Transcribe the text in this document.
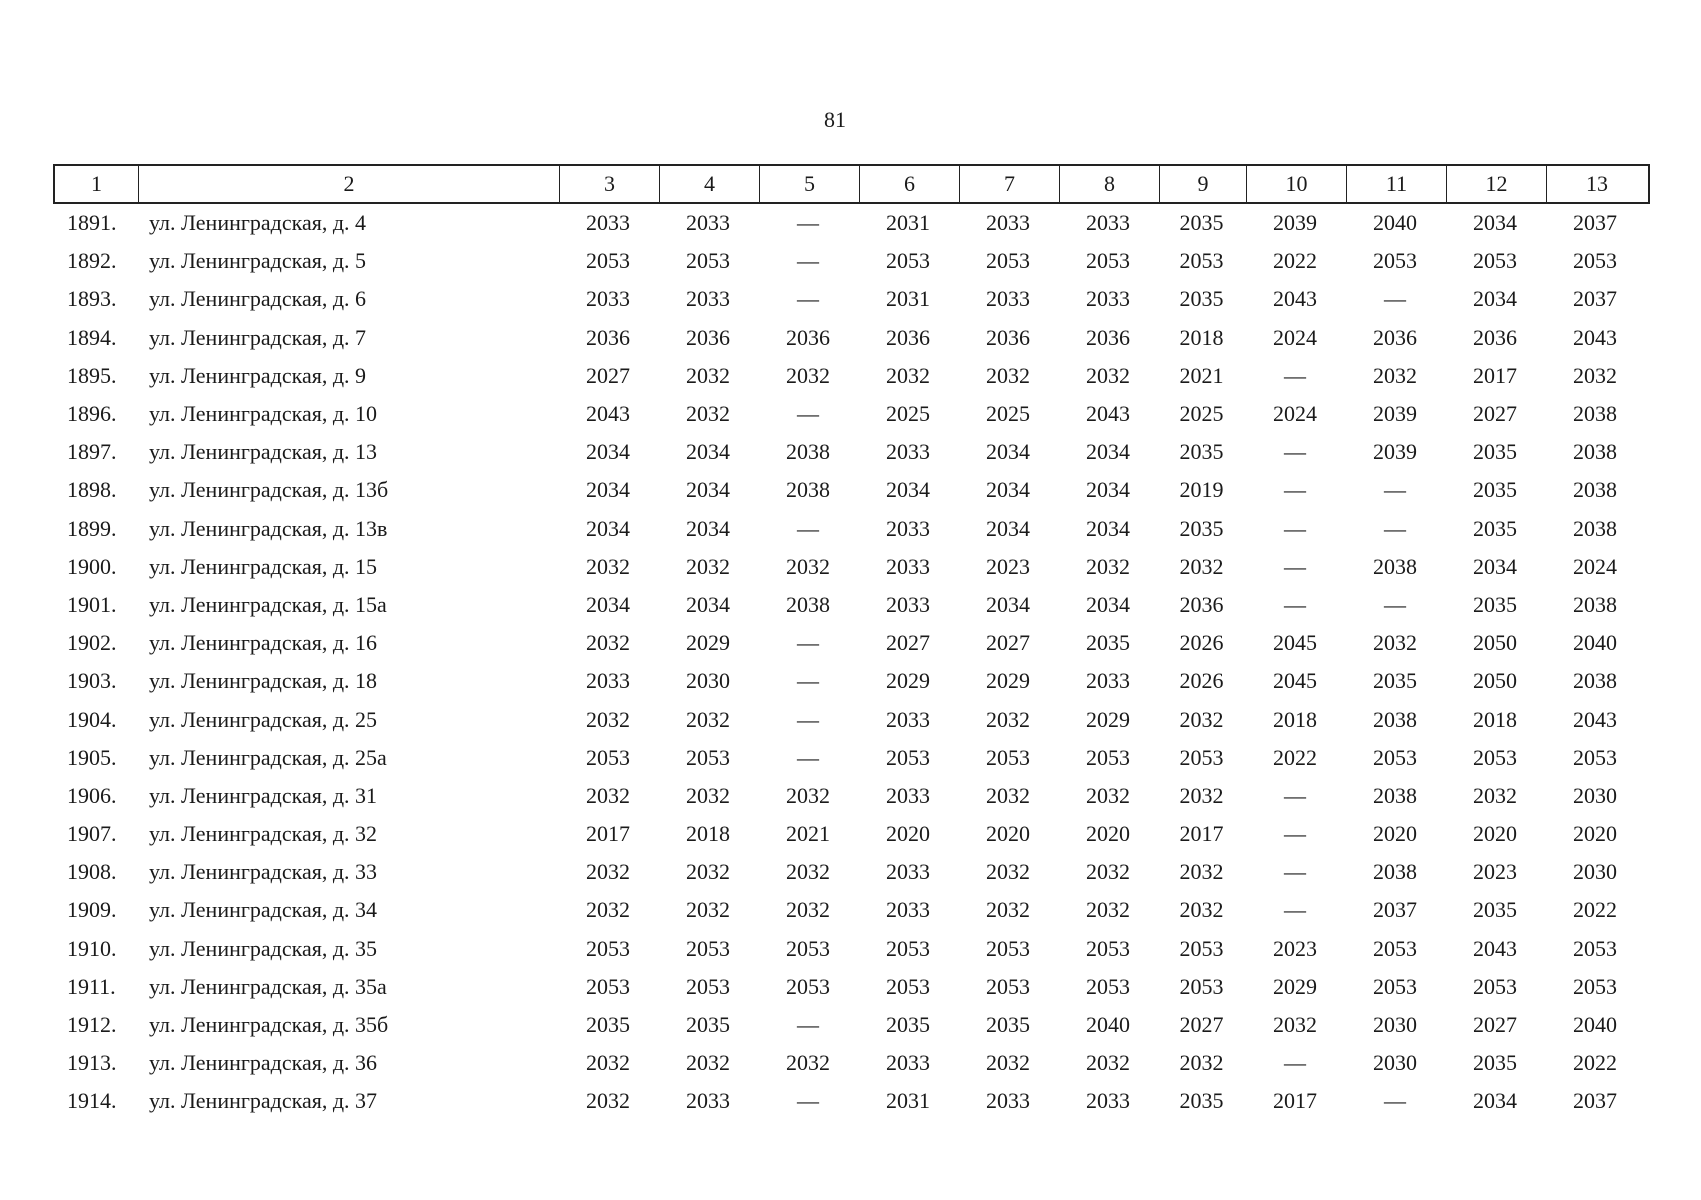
81
1	2	3	4	5	6	7	8	9	10	11	12	13
1891.	ул. Ленинградская, д. 4	2033	2033	—	2031	2033	2033	2035	2039	2040	2034	2037
1892.	ул. Ленинградская, д. 5	2053	2053	—	2053	2053	2053	2053	2022	2053	2053	2053
1893.	ул. Ленинградская, д. 6	2033	2033	—	2031	2033	2033	2035	2043	—	2034	2037
1894.	ул. Ленинградская, д. 7	2036	2036	2036	2036	2036	2036	2018	2024	2036	2036	2043
1895.	ул. Ленинградская, д. 9	2027	2032	2032	2032	2032	2032	2021	—	2032	2017	2032
1896.	ул. Ленинградская, д. 10	2043	2032	—	2025	2025	2043	2025	2024	2039	2027	2038
1897.	ул. Ленинградская, д. 13	2034	2034	2038	2033	2034	2034	2035	—	2039	2035	2038
1898.	ул. Ленинградская, д. 13б	2034	2034	2038	2034	2034	2034	2019	—	—	2035	2038
1899.	ул. Ленинградская, д. 13в	2034	2034	—	2033	2034	2034	2035	—	—	2035	2038
1900.	ул. Ленинградская, д. 15	2032	2032	2032	2033	2023	2032	2032	—	2038	2034	2024
1901.	ул. Ленинградская, д. 15а	2034	2034	2038	2033	2034	2034	2036	—	—	2035	2038
1902.	ул. Ленинградская, д. 16	2032	2029	—	2027	2027	2035	2026	2045	2032	2050	2040
1903.	ул. Ленинградская, д. 18	2033	2030	—	2029	2029	2033	2026	2045	2035	2050	2038
1904.	ул. Ленинградская, д. 25	2032	2032	—	2033	2032	2029	2032	2018	2038	2018	2043
1905.	ул. Ленинградская, д. 25а	2053	2053	—	2053	2053	2053	2053	2022	2053	2053	2053
1906.	ул. Ленинградская, д. 31	2032	2032	2032	2033	2032	2032	2032	—	2038	2032	2030
1907.	ул. Ленинградская, д. 32	2017	2018	2021	2020	2020	2020	2017	—	2020	2020	2020
1908.	ул. Ленинградская, д. 33	2032	2032	2032	2033	2032	2032	2032	—	2038	2023	2030
1909.	ул. Ленинградская, д. 34	2032	2032	2032	2033	2032	2032	2032	—	2037	2035	2022
1910.	ул. Ленинградская, д. 35	2053	2053	2053	2053	2053	2053	2053	2023	2053	2043	2053
1911.	ул. Ленинградская, д. 35а	2053	2053	2053	2053	2053	2053	2053	2029	2053	2053	2053
1912.	ул. Ленинградская, д. 35б	2035	2035	—	2035	2035	2040	2027	2032	2030	2027	2040
1913.	ул. Ленинградская, д. 36	2032	2032	2032	2033	2032	2032	2032	—	2030	2035	2022
1914.	ул. Ленинградская, д. 37	2032	2033	—	2031	2033	2033	2035	2017	—	2034	2037
